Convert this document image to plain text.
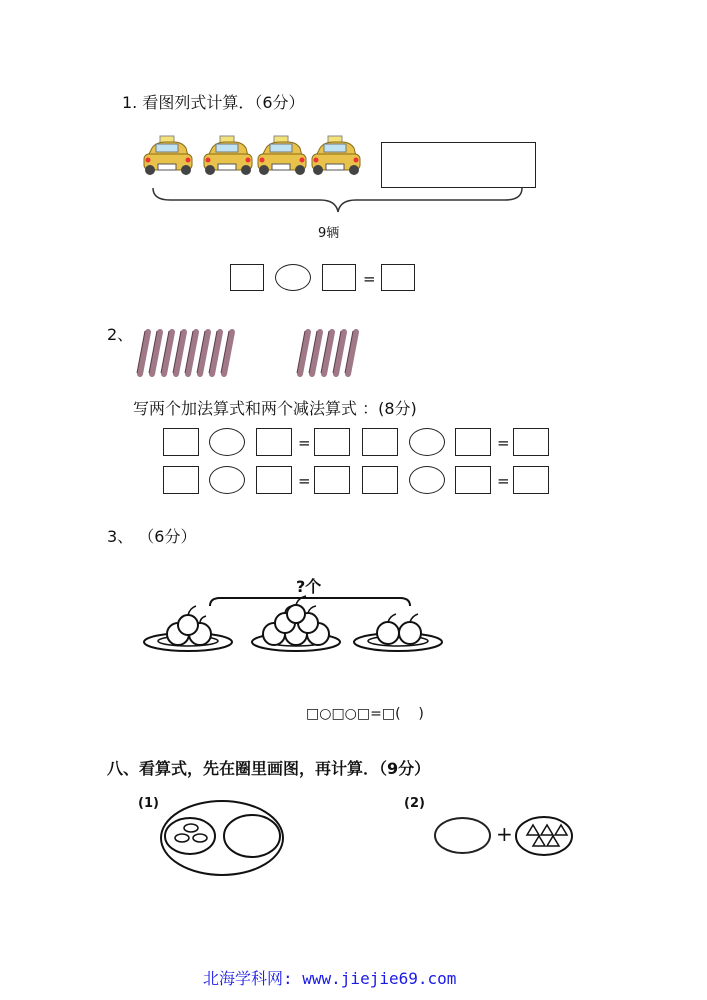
1. 看图列式计算．（6分）
9辆
=
2、
写两个加法算式和两个减法算式 ：(8分)
=	=
=	=
3、 （6分）
?个
□○□○□=□(    )
八、看算式，先在圈里画图，再计算．（9分）
(1)	(2)
+
北海学科网: www.jiejie69.com
